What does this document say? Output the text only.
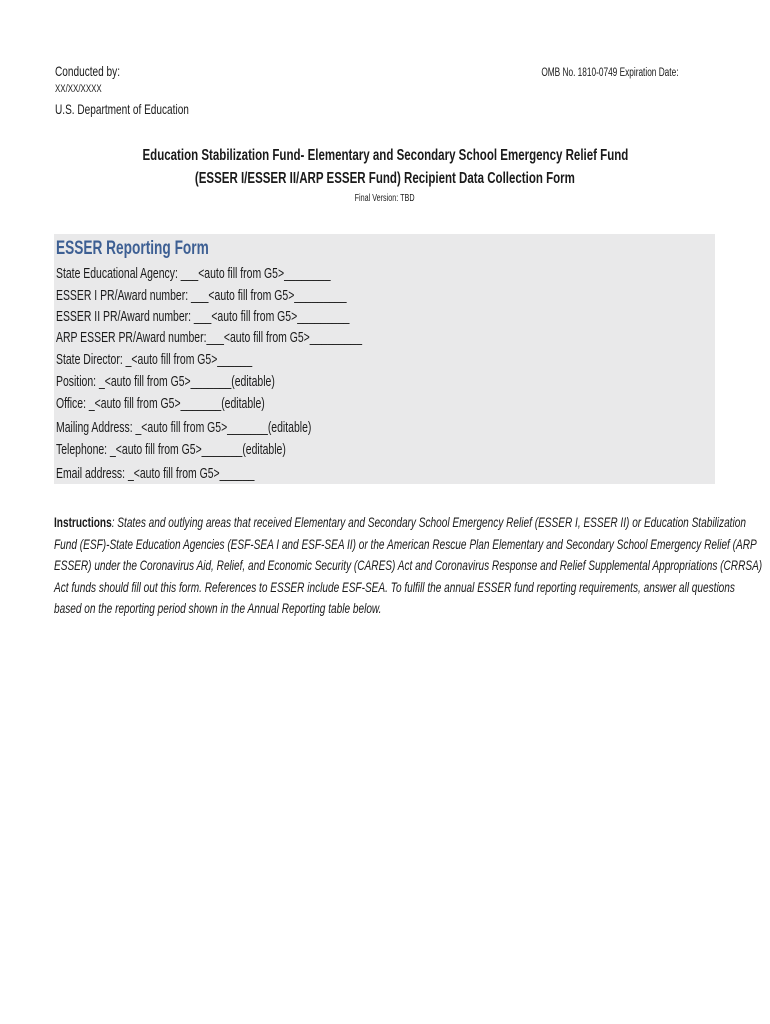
Conducted by:
XX/XX/XXXX
U.S. Department of Education
OMB No. 1810-0749 Expiration Date:
Education Stabilization Fund- Elementary and Secondary School Emergency Relief Fund
(ESSER I/ESSER II/ARP ESSER Fund) Recipient Data Collection Form
Final Version: TBD
ESSER Reporting Form
State Educational Agency: ___<auto fill from G5>________
ESSER I PR/Award number: ___<auto fill from G5>_________
ESSER II PR/Award number: ___<auto fill from G5>_________
ARP ESSER PR/Award number:___<auto fill from G5>_________
State Director: _<auto fill from G5>______
Position: _<auto fill from G5>_______(editable)
Office: _<auto fill from G5>_______(editable)
Mailing Address: _<auto fill from G5>_______(editable)
Telephone: _<auto fill from G5>_______(editable)
Email address: _<auto fill from G5>______
Instructions: States and outlying areas that received Elementary and Secondary School Emergency Relief (ESSER I, ESSER II) or Education Stabilization
Fund (ESF)-State Education Agencies (ESF-SEA I and ESF-SEA II) or the American Rescue Plan Elementary and Secondary School Emergency Relief (ARP
ESSER) under the Coronavirus Aid, Relief, and Economic Security (CARES) Act and Coronavirus Response and Relief Supplemental Appropriations (CRRSA)
Act funds should fill out this form. References to ESSER include ESF-SEA. To fulfill the annual ESSER fund reporting requirements, answer all questions
based on the reporting period shown in the Annual Reporting table below.
